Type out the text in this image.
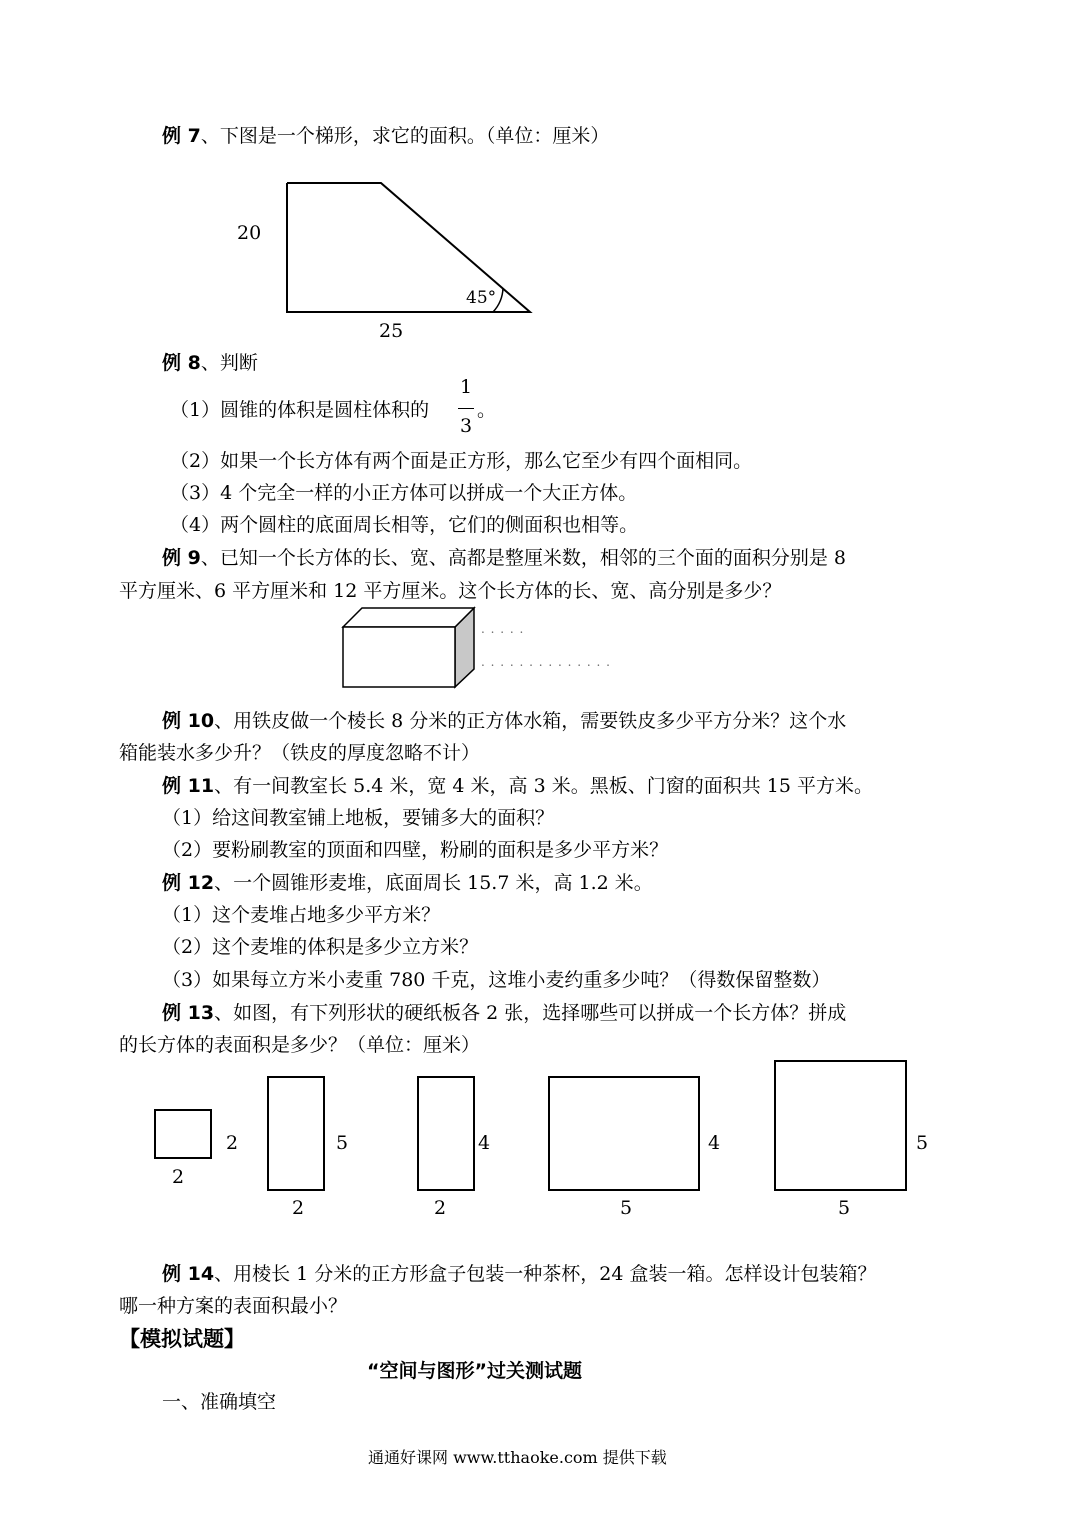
例 7、下图是一个梯形，求它的面积。（单位：厘米）
20
25
45°
例 8、判断
（1）圆锥的体积是圆柱体积的
1
3
。
（2）如果一个长方体有两个面是正方形，那么它至少有四个面相同。
（3）4 个完全一样的小正方体可以拼成一个大正方体。
（4）两个圆柱的底面周长相等，它们的侧面积也相等。
例 9、已知一个长方体的长、宽、高都是整厘米数，相邻的三个面的面积分别是 8
平方厘米、6 平方厘米和 12 平方厘米。这个长方体的长、宽、高分别是多少？
. . . . .
. . . . . . . . . . . . . .
例 10、用铁皮做一个棱长 8 分米的正方体水箱，需要铁皮多少平方分米？这个水
箱能装水多少升？（铁皮的厚度忽略不计）
例 11、有一间教室长 5.4 米，宽 4 米，高 3 米。黑板、门窗的面积共 15 平方米。
（1）给这间教室铺上地板，要铺多大的面积？
（2）要粉刷教室的顶面和四壁，粉刷的面积是多少平方米？
例 12、一个圆锥形麦堆，底面周长 15.7 米，高 1.2 米。
（1）这个麦堆占地多少平方米？
（2）这个麦堆的体积是多少立方米？
（3）如果每立方米小麦重 780 千克，这堆小麦约重多少吨？（得数保留整数）
例 13、如图，有下列形状的硬纸板各 2 张，选择哪些可以拼成一个长方体？拼成
的长方体的表面积是多少？（单位：厘米）
2
2
5
2
4
2
4
5
5
5
例 14、用棱长 1 分米的正方形盒子包装一种茶杯，24 盒装一箱。怎样设计包装箱？
哪一种方案的表面积最小？
【模拟试题】
“空间与图形”过关测试题
一、准确填空
通通好课网 www.tthaoke.com 提供下载
